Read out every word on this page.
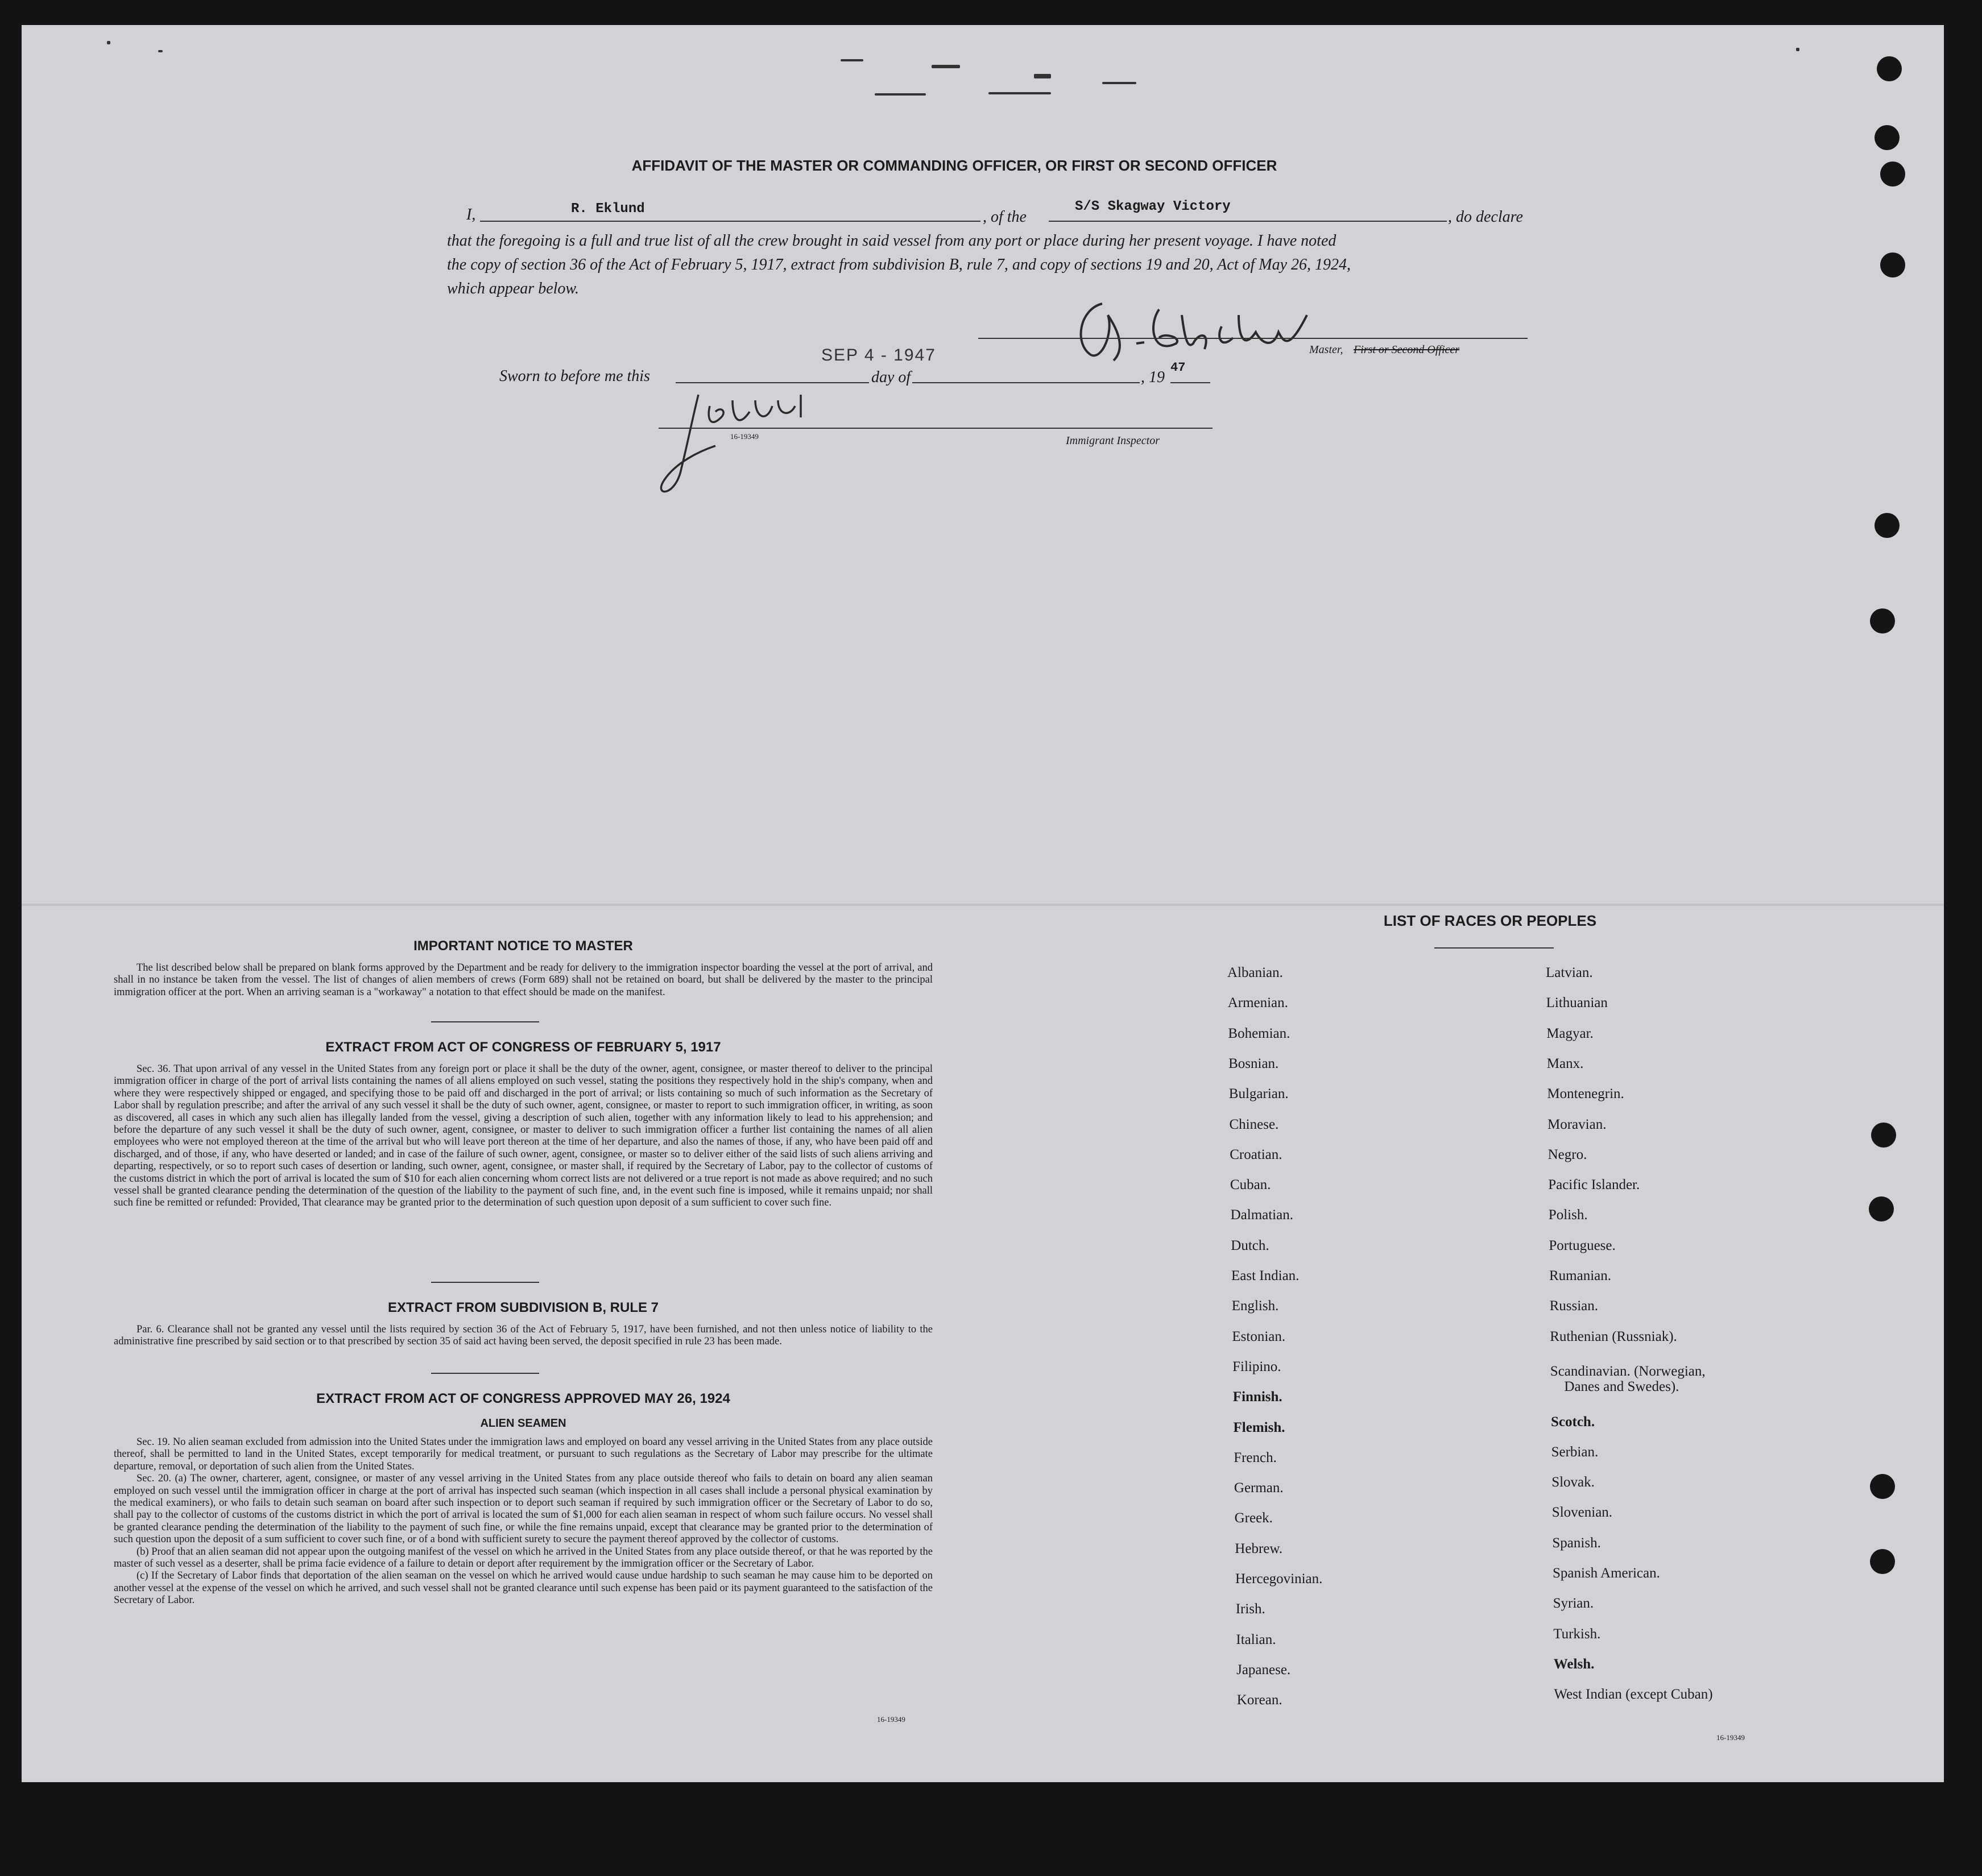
AFFIDAVIT OF THE MASTER OR COMMANDING OFFICER, OR FIRST OR SECOND OFFICER
I,	R. Eklund	, of the
S/S Skagway Victory
, do declare
that the foregoing is a full and true list of all the crew brought in said vessel from any port or place during her present voyage. I have noted
the copy of section 36 of the Act of February 5, 1917, extract from subdivision B, rule 7, and copy of sections 19 and 20, Act of May 26, 1924,
which appear below.
Master, First or Second Officer
SEP 4 - 1947
Sworn to before me this	day of	, 19
47
16-19349	Immigrant Inspector
IMPORTANT NOTICE TO MASTER

The list described below shall be prepared on blank forms approved by the Department and be ready for delivery to the immigration inspector boarding the vessel at the port of arrival, and shall in no instance be taken from the vessel. The list of changes of alien members of crews (Form 689) shall not be retained on board, but shall be delivered by the master to the principal immigration officer at the port. When an arriving seaman is a "workaway" a notation to that effect should be made on the manifest.

EXTRACT FROM ACT OF CONGRESS OF FEBRUARY 5, 1917

Sec. 36. That upon arrival of any vessel in the United States from any foreign port or place it shall be the duty of the owner, agent, consignee, or master thereof to deliver to the principal immigration officer in charge of the port of arrival lists containing the names of all aliens employed on such vessel, stating the positions they respectively hold in the ship's company, when and where they were respectively shipped or engaged, and specifying those to be paid off and discharged in the port of arrival; or lists containing so much of such information as the Secretary of Labor shall by regulation prescribe; and after the arrival of any such vessel it shall be the duty of such owner, agent, consignee, or master to report to such immigration officer, in writing, as soon as discovered, all cases in which any such alien has illegally landed from the vessel, giving a description of such alien, together with any information likely to lead to his apprehension; and before the departure of any such vessel it shall be the duty of such owner, agent, consignee, or master to deliver to such immigration officer a further list containing the names of all alien employees who were not employed thereon at the time of the arrival but who will leave port thereon at the time of her departure, and also the names of those, if any, who have been paid off and discharged, and of those, if any, who have deserted or landed; and in case of the failure of such owner, agent, consignee, or master so to deliver either of the said lists of such aliens arriving and departing, respectively, or so to report such cases of desertion or landing, such owner, agent, consignee, or master shall, if required by the Secretary of Labor, pay to the collector of customs of the customs district in which the port of arrival is located the sum of $10 for each alien concerning whom correct lists are not delivered or a true report is not made as above required; and no such vessel shall be granted clearance pending the determination of the question of the liability to the payment of such fine, and, in the event such fine is imposed, while it remains unpaid; nor shall such fine be remitted or refunded: Provided, That clearance may be granted prior to the determination of such question upon deposit of a sum sufficient to cover such fine.

EXTRACT FROM SUBDIVISION B, RULE 7

Par. 6. Clearance shall not be granted any vessel until the lists required by section 36 of the Act of February 5, 1917, have been furnished, and not then unless notice of liability to the administrative fine prescribed by said section or to that prescribed by section 35 of said act having been served, the deposit specified in rule 23 has been made.

EXTRACT FROM ACT OF CONGRESS APPROVED MAY 26, 1924
ALIEN SEAMEN

Sec. 19. No alien seaman excluded from admission into the United States under the immigration laws and employed on board any vessel arriving in the United States from any place outside thereof, shall be permitted to land in the United States, except temporarily for medical treatment, or pursuant to such regulations as the Secretary of Labor may prescribe for the ultimate departure, removal, or deportation of such alien from the United States.

Sec. 20. (a) The owner, charterer, agent, consignee, or master of any vessel arriving in the United States from any place outside thereof who fails to detain on board any alien seaman employed on such vessel until the immigration officer in charge at the port of arrival has inspected such seaman (which inspection in all cases shall include a personal physical examination by the medical examiners), or who fails to detain such seaman on board after such inspection or to deport such seaman if required by such immigration officer or the Secretary of Labor to do so, shall pay to the collector of customs of the customs district in which the port of arrival is located the sum of $1,000 for each alien seaman in respect of whom such failure occurs. No vessel shall be granted clearance pending the determination of the liability to the payment of such fine, or while the fine remains unpaid, except that clearance may be granted prior to the determination of such question upon the deposit of a sum sufficient to cover such fine, or of a bond with sufficient surety to secure the payment thereof approved by the collector of customs.

(b) Proof that an alien seaman did not appear upon the outgoing manifest of the vessel on which he arrived in the United States from any place outside thereof, or that he was reported by the master of such vessel as a deserter, shall be prima facie evidence of a failure to detain or deport after requirement by the immigration officer or the Secretary of Labor.

(c) If the Secretary of Labor finds that deportation of the alien seaman on the vessel on which he arrived would cause undue hardship to such seaman he may cause him to be deported on another vessel at the expense of the vessel on which he arrived, and such vessel shall not be granted clearance until such expense has been paid or its payment guaranteed to the satisfaction of the Secretary of Labor.

16-19349
LIST OF RACES OR PEOPLES
16-19349
Albanian.
Armenian.
Bohemian.
Bosnian.
Bulgarian.
Chinese.
Croatian.
Cuban.
Dalmatian.
Dutch.
East Indian.
English.
Estonian.
Filipino.
Finnish.
Flemish.
French.
German.
Greek.
Hebrew.
Hercegovinian.
Irish.
Italian.
Japanese.
Korean.
Latvian.
Lithuanian
Magyar.
Manx.
Montenegrin.
Moravian.
Negro.
Pacific Islander.
Polish.
Portuguese.
Rumanian.
Russian.
Ruthenian (Russniak).
Scandinavian. (Norwegian,
Danes and Swedes).
Scotch.
Serbian.
Slovak.
Slovenian.
Spanish.
Spanish American.
Syrian.
Turkish.
Welsh.
West Indian (except Cuban)
